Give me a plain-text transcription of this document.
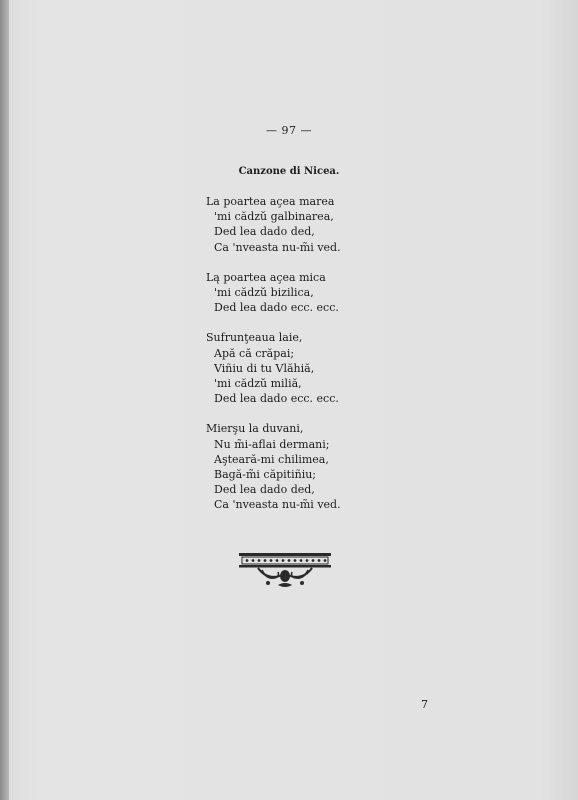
— 97 —
Canzone di Nicea.
La poartea açea marea
'mi cădzŭ galbinarea,
Ded lea dado ded,
Ca 'nveasta nu-m̃i ved.
Lą poartea açea mica
'mi cădzŭ bizilica,
Ded lea dado ecc. ecc.
Sufrunţeaua laie,
Apă că crăpai;
Viñiu di tu Vlăhiă,
'mi cădzŭ miliă,
Ded lea dado ecc. ecc.
Mierşu la duvani,
Nu m̃i-aflai dermani;
Aşteară-mi chilimea,
Bagă-m̃i căpitiñiu;
Ded lea dado ded,
Ca 'nveasta nu-m̃i ved.
7
